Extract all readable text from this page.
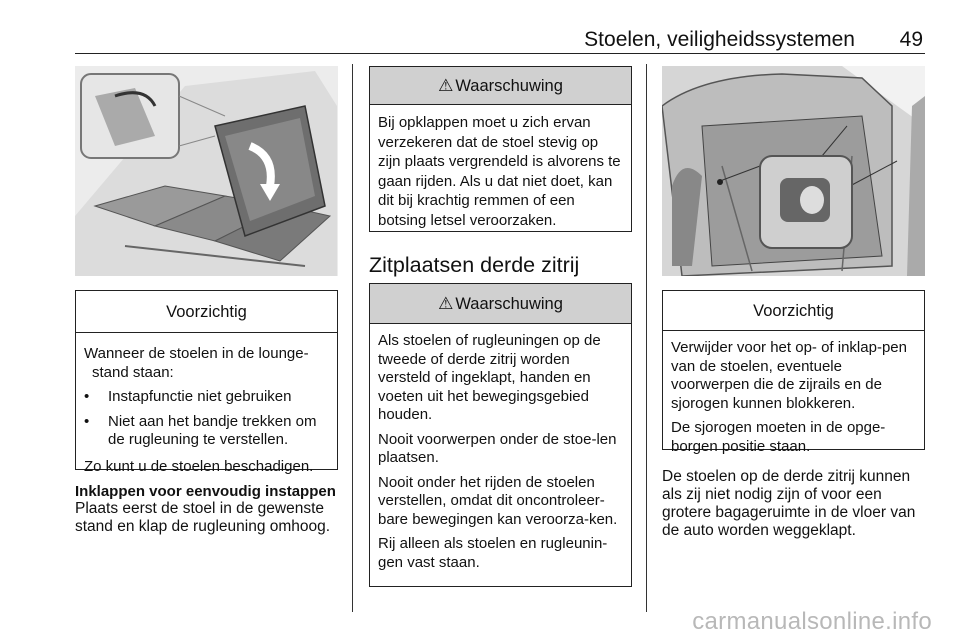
Stoelen, veiligheidssystemen 49
Voorzichtig

Wanneer de stoelen in de lounge-stand staan:

•	Instapfunctie niet gebruiken
•	Niet aan het bandje trekken om de rugleuning te verstellen.

Zo kunt u de stoelen beschadigen.

Inklappen voor eenvoudig instappen
Plaats eerst de stoel in de gewenste stand en klap de rugleuning omhoog.
⚠ Waarschuwing

Bij opklappen moet u zich ervan verzekeren dat de stoel stevig op zijn plaats vergrendeld is alvorens te gaan rijden. Als u dat niet doet, kan dit bij krachtig remmen of een botsing letsel veroorzaken.

Zitplaatsen derde zitrij
⚠ Waarschuwing

Als stoelen of rugleuningen op de tweede of derde zitrij worden versteld of ingeklapt, handen en voeten uit het bewegingsgebied houden.

Nooit voorwerpen onder de stoe-len plaatsen.

Nooit onder het rijden de stoelen verstellen, omdat dit oncontroleer-bare bewegingen kan veroorza-ken.

Rij alleen als stoelen en rugleunin-gen vast staan.

Voorzichtig

Verwijder voor het op- of inklap-pen van de stoelen, eventuele voorwerpen die de zijrails en de sjorogen kunnen blokkeren.

De sjorogen moeten in de opge-borgen positie staan.

De stoelen op de derde zitrij kunnen als zij niet nodig zijn of voor een grotere bagageruimte in de vloer van de auto worden weggeklapt.
carmanualsonline.info
